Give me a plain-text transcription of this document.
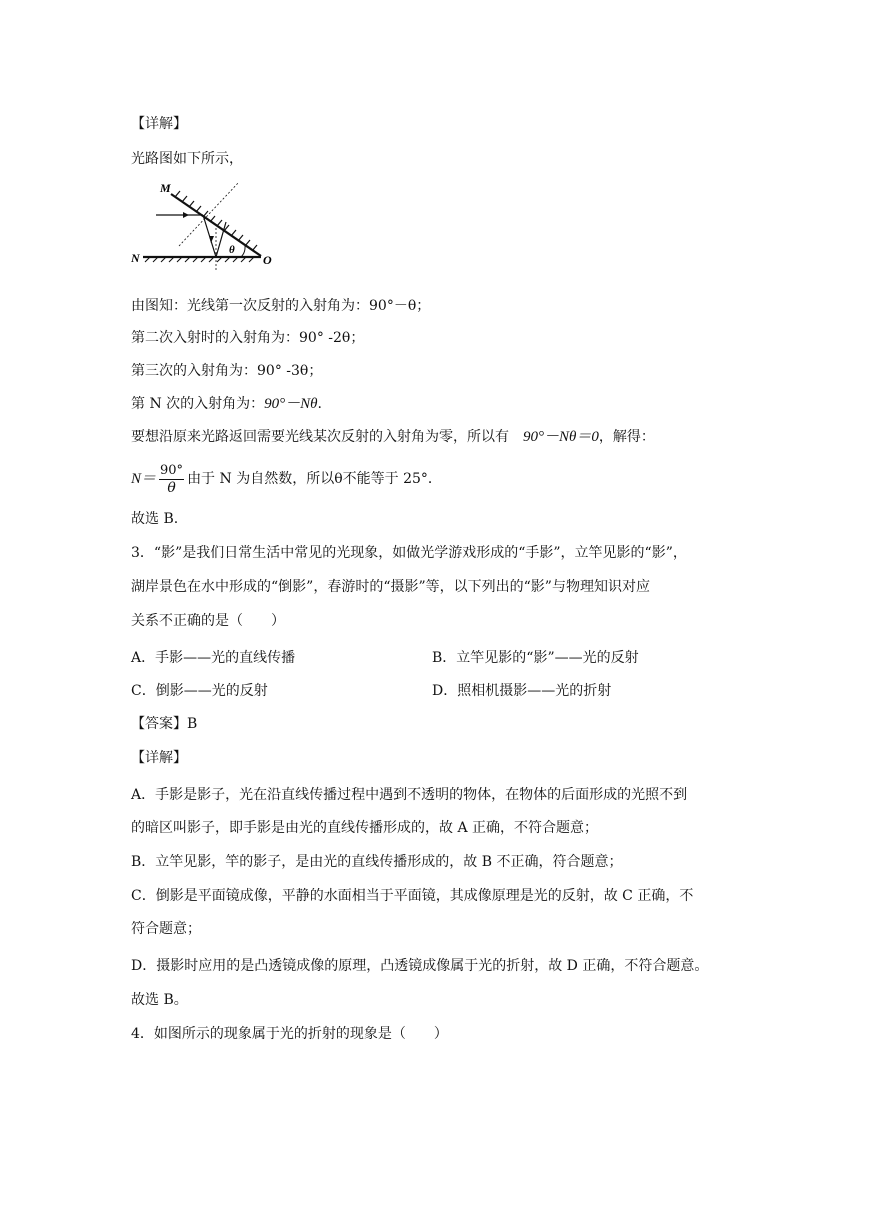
【详解】
光路图如下所示，
M
N	O
θ
由图知：光线第一次反射的入射角为：90°－θ；
第二次入射时的入射角为：90° -2θ；
第三次的入射角为：90° -3θ；
第 N 次的入射角为：90°－Nθ.
要想沿原来光路返回需要光线某次反射的入射角为零，所以有 90°－Nθ＝0，解得：
$N= \frac{90^\circ}{\theta}$ 由于 N 为自然数，所以θ不能等于 25°．
故选 B.
3．“影”是我们日常生活中常见的光现象，如做光学游戏形成的“手影”，立竿见影的“影”，
湖岸景色在水中形成的“倒影”，春游时的“摄影”等，以下列出的“影”与物理知识对应
关系不正确的是（　　）
A．手影——光的直线传播	B．立竿见影的“影”——光的反射
C．倒影——光的反射	D．照相机摄影——光的折射
【答案】B
【详解】
A．手影是影子，光在沿直线传播过程中遇到不透明的物体，在物体的后面形成的光照不到
的暗区叫影子，即手影是由光的直线传播形成的，故 A 正确，不符合题意；
B．立竿见影，竿的影子，是由光的直线传播形成的，故 B 不正确，符合题意；
C．倒影是平面镜成像，平静的水面相当于平面镜，其成像原理是光的反射，故 C 正确，不
符合题意；
D．摄影时应用的是凸透镜成像的原理，凸透镜成像属于光的折射，故 D 正确，不符合题意。
故选 B。
4．如图所示的现象属于光的折射的现象是（　　）
